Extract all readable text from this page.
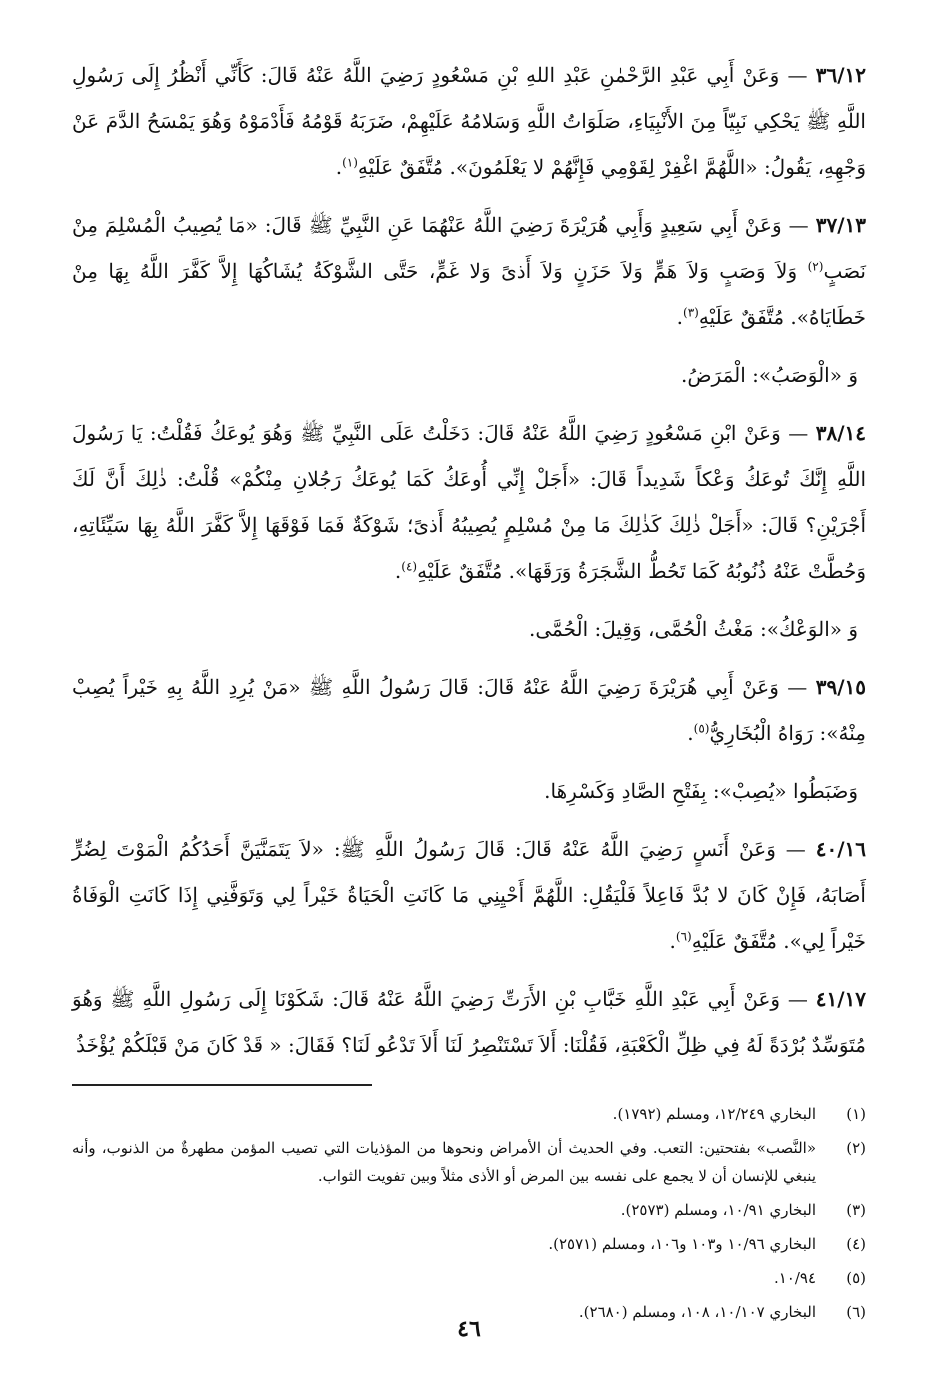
٣٦/١٢ — وَعَنْ أَبِي عَبْدِ الرَّحْمٰنِ عَبْدِ اللهِ بْنِ مَسْعُودٍ رَضِيَ اللَّهُ عَنْهُ قَالَ: كَأَنِّي أَنْظُرُ إِلَى رَسُولِ اللَّهِ ﷺ يَحْكِي نَبِيّاً مِنَ الأَنْبِيَاءِ، صَلَوَاتُ اللَّهِ وَسَلامُهُ عَلَيْهِمْ، ضَرَبَهُ قَوْمُهُ فَأَدْمَوْهُ وَهُوَ يَمْسَحُ الدَّمَ عَنْ وَجْهِهِ، يَقُولُ: «اللَّهُمَّ اغْفِرْ لِقَوْمِي فَإِنَّهُمْ لا يَعْلَمُونَ». مُتَّفَقٌ عَلَيْهِ$^{(١)}$.

٣٧/١٣ — وَعَنْ أَبِي سَعِيدٍ وَأَبِي هُرَيْرَةَ رَضِيَ اللَّهُ عَنْهُمَا عَنِ النَّبِيِّ ﷺ قَالَ: «مَا يُصِيبُ الْمُسْلِمَ مِنْ نَصَبٍ$^{(٢)}$ وَلاَ وَصَبٍ وَلاَ هَمٍّ وَلاَ حَزَنٍ وَلاَ أَذىً وَلا غَمٍّ، حَتَّى الشَّوْكَةُ يُشَاكُهَا إِلاَّ كَفَّرَ اللَّهُ بِهَا مِنْ خَطَايَاهُ». مُتَّفَقٌ عَلَيْهِ$^{(٣)}$.

وَ «الْوَصَبُ»: الْمَرَضُ.

٣٨/١٤ — وَعَنْ ابْنِ مَسْعُودٍ رَضِيَ اللَّهُ عَنْهُ قَالَ: دَخَلْتُ عَلَى النَّبِيِّ ﷺ وَهُوَ يُوعَكُ فَقُلْتُ: يَا رَسُولَ اللَّهِ إِنَّكَ تُوعَكُ وَعْكاً شَدِيداً قَالَ: «أَجَلْ إِنِّي أُوعَكُ كَمَا يُوعَكُ رَجُلانِ مِنْكُمْ» قُلْتُ: ذٰلِكَ أَنَّ لَكَ أَجْرَيْنِ؟ قَالَ: «أَجَلْ ذٰلِكَ كَذٰلِكَ مَا مِنْ مُسْلِمٍ يُصِيبُهُ أَذىً؛ شَوْكَةٌ فَمَا فَوْقَهَا إِلاَّ كَفَّرَ اللَّهُ بِهَا سَيِّئَاتِهِ، وَحُطَّتْ عَنْهُ ذُنُوبُهُ كَمَا تَحُطُّ الشَّجَرَةُ وَرَقَهَا». مُتَّفَقٌ عَلَيْهِ$^{(٤)}$.

وَ «الوَعْكُ»: مَغْثُ الْحُمَّى، وَقِيلَ: الْحُمَّى.

٣٩/١٥ — وَعَنْ أَبِي هُرَيْرَةَ رَضِيَ اللَّهُ عَنْهُ قَالَ: قَالَ رَسُولُ اللَّهِ ﷺ «مَنْ يُرِدِ اللَّهُ بِهِ خَيْراً يُصِبْ مِنْهُ»: رَوَاهُ الْبُخَارِيُّ$^{(٥)}$.

وَضَبَطُوا «يُصِبْ»: بِفَتْحِ الصَّادِ وَكَسْرِهَا.

٤٠/١٦ — وَعَنْ أَنَسٍ رَضِيَ اللَّهُ عَنْهُ قَالَ: قَالَ رَسُولُ اللَّهِ ﷺ: «لاَ يَتَمَنَّيَنَّ أَحَدُكُمُ الْمَوْتَ لِضُرٍّ أَصَابَهُ، فَإِنْ كَانَ لا بُدَّ فَاعِلاً فَلْيَقُلِ: اللَّهُمَّ أَحْيِنِي مَا كَانَتِ الْحَيَاةُ خَيْراً لِي وَتَوَفَّنِي إِذَا كَانَتِ الْوَفَاةُ خَيْراً لِي». مُتَّفَقٌ عَلَيْهِ$^{(٦)}$.

٤١/١٧ — وَعَنْ أَبِي عَبْدِ اللَّهِ خَبَّابِ بْنِ الأَرَتِّ رَضِيَ اللَّهُ عَنْهُ قَالَ: شَكَوْنَا إِلَى رَسُولِ اللَّهِ ﷺ وَهُوَ مُتَوَسِّدٌ بُرْدَةً لَهُ فِي ظِلِّ الْكَعْبَةِ، فَقُلْنَا: أَلاَ تَسْتَنْصِرُ لَنَا أَلاَ تَدْعُو لَنَا؟ فَقَالَ: « قَدْ كَانَ مَنْ قَبْلَكُمْ يُؤْخَذُ

(١)
البخاري ١٢/٢٤٩، ومسلم (١٧٩٢).
(٢)
«النَّصب» بفتحتين: التعب. وفي الحديث أن الأمراض ونحوها من المؤذيات التي تصيب المؤمن مطهرةٌ من الذنوب، وأنه ينبغي للإنسان أن لا يجمع على نفسه بين المرض أو الأذى مثلاً وبين تفويت الثواب.
(٣)
البخاري ١٠/٩١، ومسلم (٢٥٧٣).
(٤)
البخاري ١٠/٩٦ و١٠٣ و١٠٦، ومسلم (٢٥٧١).
(٥)
١٠/٩٤.
(٦)
البخاري ١٠/١٠٧، ١٠٨، ومسلم (٢٦٨٠).
٤٦
